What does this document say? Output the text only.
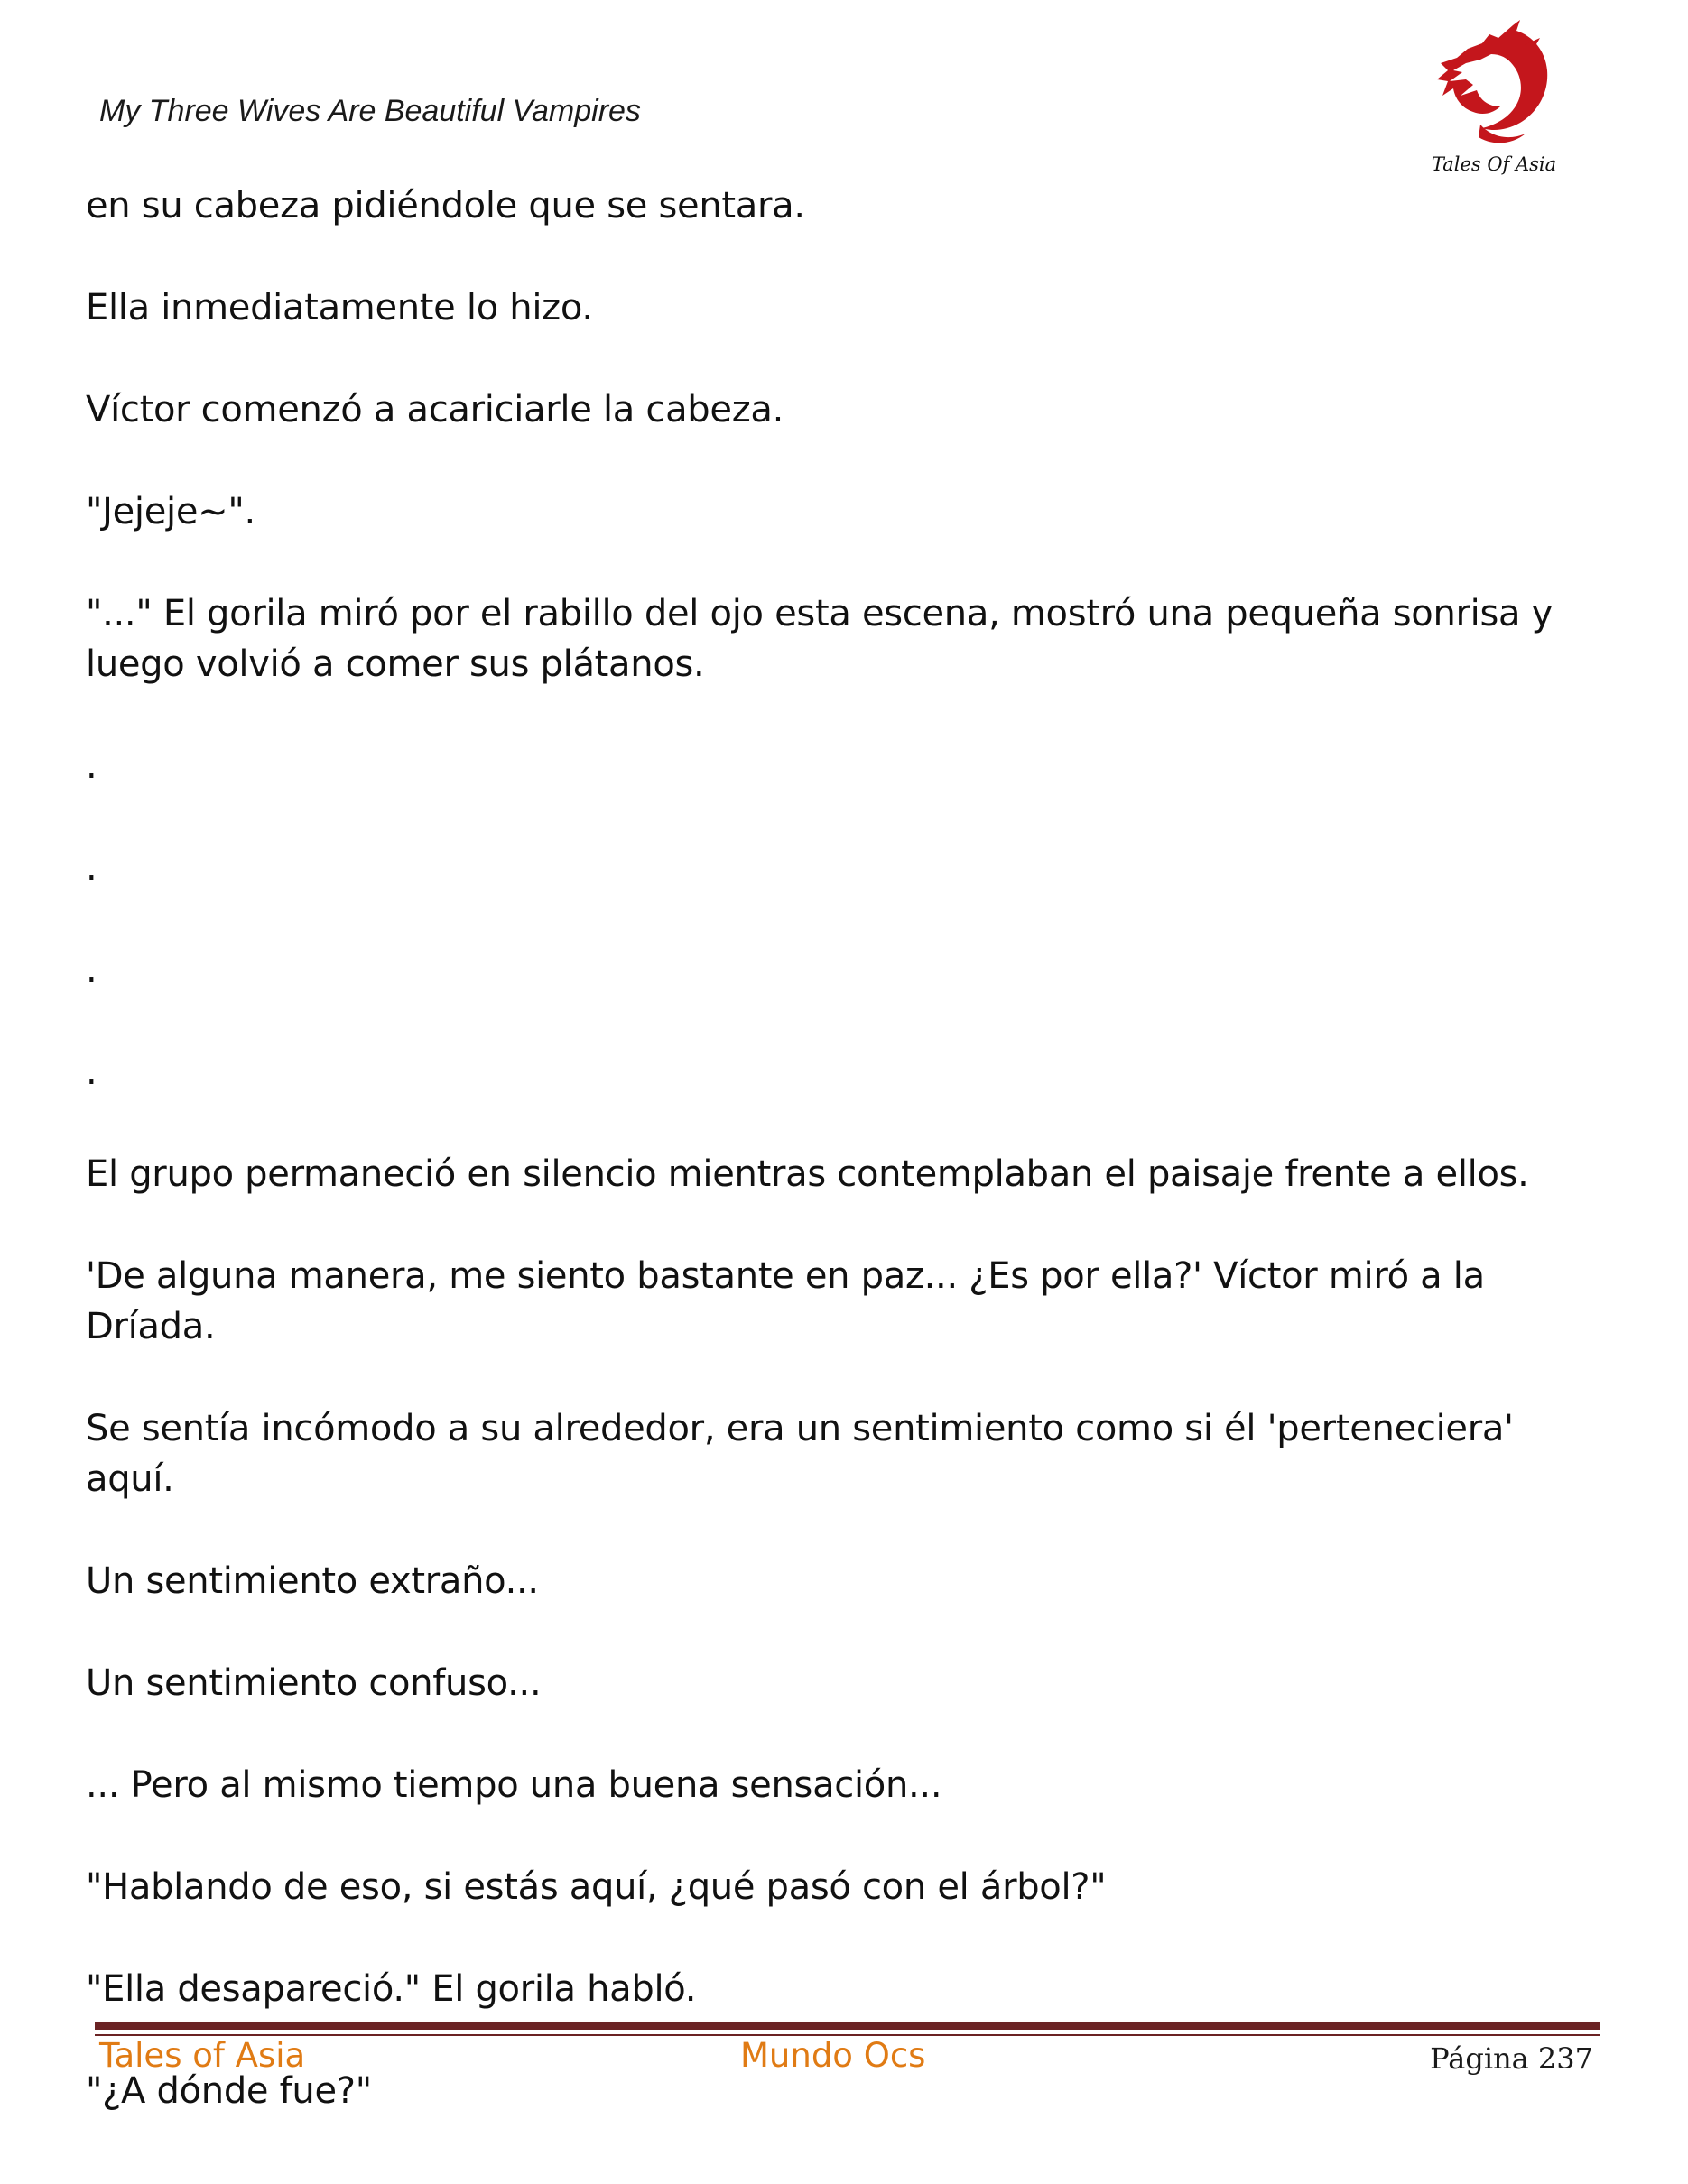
My Three Wives Are Beautiful Vampires
Tales Of Asia

en su cabeza pidiéndole que se sentara.

Ella inmediatamente lo hizo.

Víctor comenzó a acariciarle la cabeza.

"Jejeje~".

"..." El gorila miró por el rabillo del ojo esta escena, mostró una pequeña sonrisa y luego volvió a comer sus plátanos.

.

.

.

.

El grupo permaneció en silencio mientras contemplaban el paisaje frente a ellos.

'De alguna manera, me siento bastante en paz... ¿Es por ella?' Víctor miró a la Dríada.

Se sentía incómodo a su alrededor, era un sentimiento como si él 'perteneciera' aquí.

Un sentimiento extraño...

Un sentimiento confuso...

... Pero al mismo tiempo una buena sensación...

"Hablando de eso, si estás aquí, ¿qué pasó con el árbol?"

"Ella desapareció." El gorila habló.

"¿A dónde fue?"

Tales of Asia	Mundo Ocs	Página 237
